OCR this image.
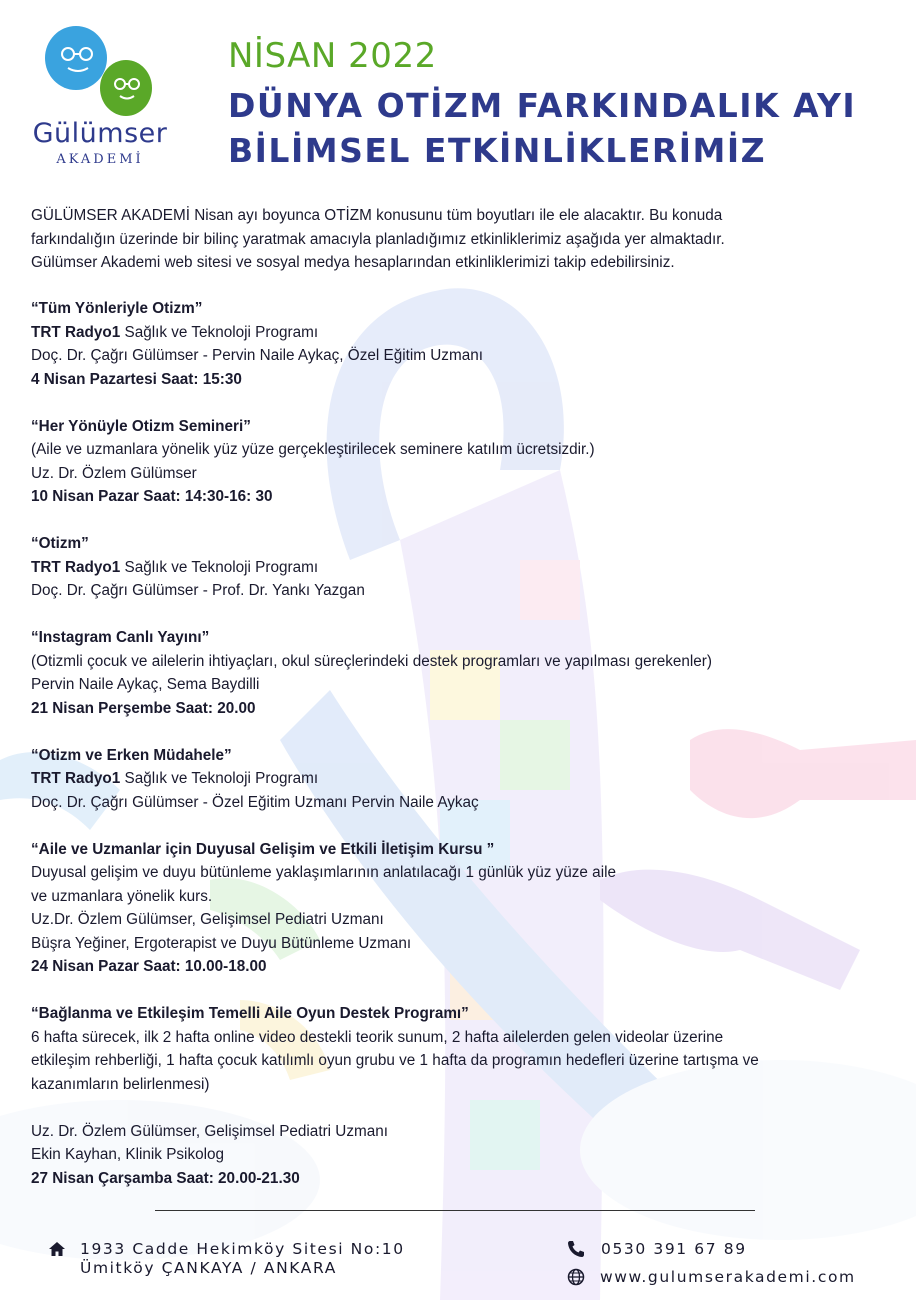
Gülümser
AKADEMİ
NİSAN 2022
DÜNYA OTİZM FARKINDALIK AYI
BİLİMSEL ETKİNLİKLERİMİZ
GÜLÜMSER AKADEMİ Nisan ayı boyunca OTİZM konusunu tüm boyutları ile ele alacaktır. Bu konuda
farkındalığın üzerinde bir bilinç yaratmak amacıyla planladığımız etkinliklerimiz aşağıda yer almaktadır.
Gülümser Akademi web sitesi ve sosyal medya hesaplarından etkinliklerimizi takip edebilirsiniz.
“Tüm Yönleriyle Otizm”
TRT Radyo1 Sağlık ve Teknoloji Programı
Doç. Dr. Çağrı Gülümser - Pervin Naile Aykaç, Özel Eğitim Uzmanı
4 Nisan Pazartesi Saat: 15:30
“Her Yönüyle Otizm Semineri”
(Aile ve uzmanlara yönelik yüz yüze gerçekleştirilecek seminere katılım ücretsizdir.)
Uz. Dr. Özlem Gülümser
10 Nisan Pazar Saat: 14:30-16: 30
“Otizm”
TRT Radyo1 Sağlık ve Teknoloji Programı
Doç. Dr. Çağrı Gülümser - Prof. Dr. Yankı Yazgan
“Instagram Canlı Yayını”
(Otizmli çocuk ve ailelerin ihtiyaçları, okul süreçlerindeki destek programları ve yapılması gerekenler)
Pervin Naile Aykaç, Sema Baydilli
21 Nisan Perşembe Saat: 20.00
“Otizm ve Erken Müdahele”
TRT Radyo1 Sağlık ve Teknoloji Programı
Doç. Dr. Çağrı Gülümser - Özel Eğitim Uzmanı Pervin Naile Aykaç
“Aile ve Uzmanlar için Duyusal Gelişim ve Etkili İletişim Kursu ”
Duyusal gelişim ve duyu bütünleme yaklaşımlarının anlatılacağı 1 günlük yüz yüze aile
ve uzmanlara yönelik kurs.
Uz.Dr. Özlem Gülümser, Gelişimsel Pediatri Uzmanı
Büşra Yeğiner, Ergoterapist ve Duyu Bütünleme Uzmanı
24 Nisan Pazar Saat: 10.00-18.00
“Bağlanma ve Etkileşim Temelli Aile Oyun Destek Programı”
6 hafta sürecek, ilk 2 hafta online video destekli teorik sunum, 2 hafta ailelerden gelen videolar üzerine
etkileşim rehberliği, 1 hafta çocuk katılımlı oyun grubu ve 1 hafta da programın hedefleri üzerine tartışma ve
kazanımların belirlenmesi)
Uz. Dr. Özlem Gülümser, Gelişimsel Pediatri Uzmanı
Ekin Kayhan, Klinik Psikolog
27 Nisan Çarşamba Saat: 20.00-21.30
1933 Cadde Hekimköy Sitesi No:10
Ümitköy ÇANKAYA / ANKARA
0530 391 67 89
www.gulumserakademi.com
